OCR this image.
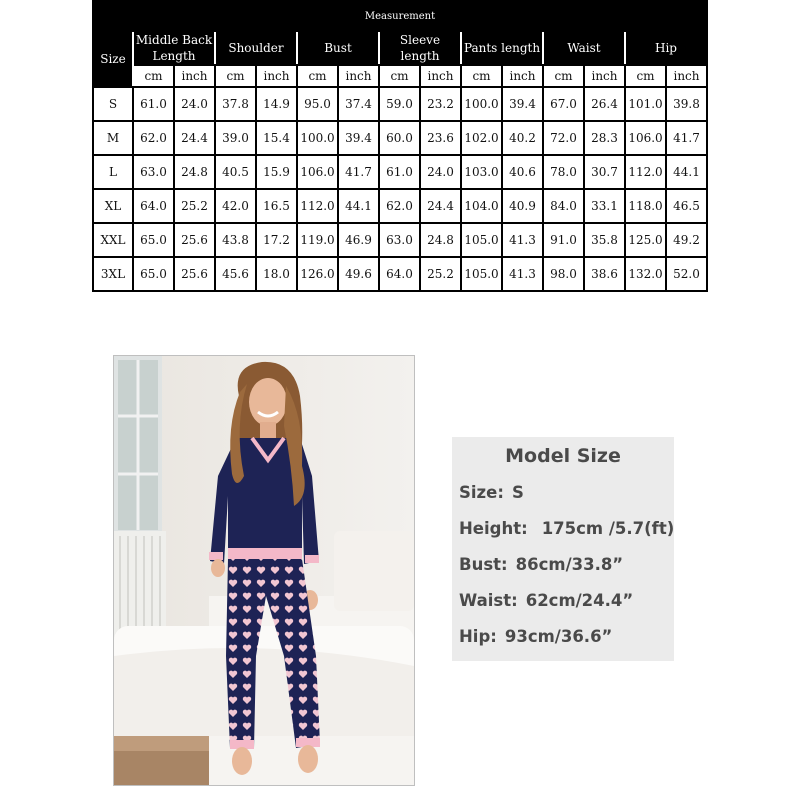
Measurement														
Size	Middle Back Length		Shoulder		Bust		Sleeve length		Pants length		Waist		Hip	
	cm	inch	cm	inch	cm	inch	cm	inch	cm	inch	cm	inch	cm	inch
S	61.0	24.0	37.8	14.9	95.0	37.4	59.0	23.2	100.0	39.4	67.0	26.4	101.0	39.8
M	62.0	24.4	39.0	15.4	100.0	39.4	60.0	23.6	102.0	40.2	72.0	28.3	106.0	41.7
L	63.0	24.8	40.5	15.9	106.0	41.7	61.0	24.0	103.0	40.6	78.0	30.7	112.0	44.1
XL	64.0	25.2	42.0	16.5	112.0	44.1	62.0	24.4	104.0	40.9	84.0	33.1	118.0	46.5
XXL	65.0	25.6	43.8	17.2	119.0	46.9	63.0	24.8	105.0	41.3	91.0	35.8	125.0	49.2
3XL	65.0	25.6	45.6	18.0	126.0	49.6	64.0	25.2	105.0	41.3	98.0	38.6	132.0	52.0
Model Size
Size: S
Height: 175cm /5.7(ft)
Bust: 86cm/33.8”
Waist: 62cm/24.4”
Hip: 93cm/36.6”
